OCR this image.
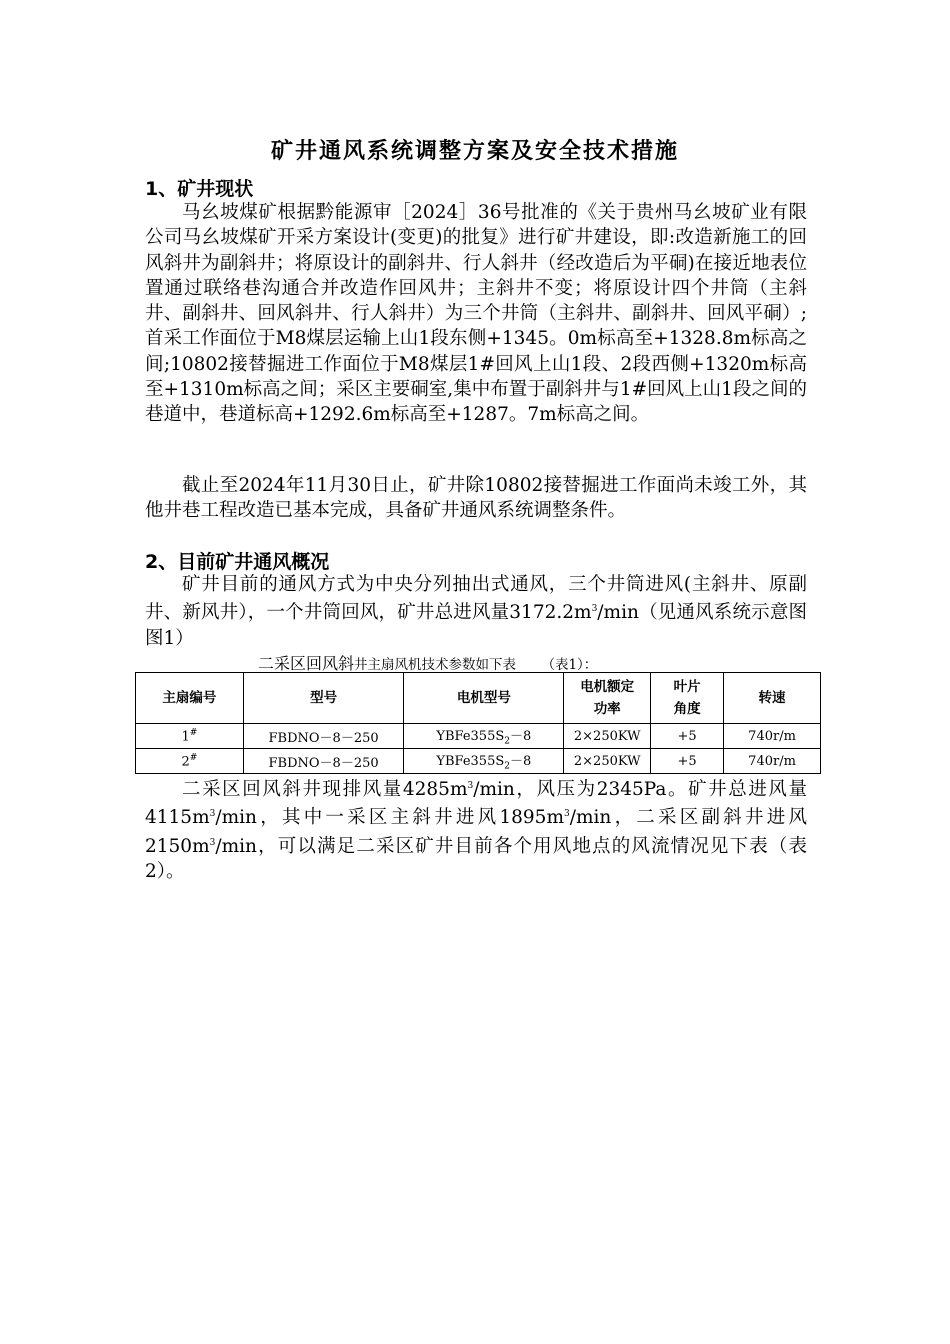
矿井通风系统调整方案及安全技术措施
1、矿井现状

马幺坡煤矿根据黔能源审［2024］36号批准的《关于贵州马幺坡矿业有限公司马幺坡煤矿开采方案设计(变更)的批复》进行矿井建设，即:改造新施工的回风斜井为副斜井；将原设计的副斜井、行人斜井（经改造后为平硐)在接近地表位置通过联络巷沟通合并改造作回风井；主斜井不变；将原设计四个井筒（主斜井、副斜井、回风斜井、行人斜井）为三个井筒（主斜井、副斜井、回风平硐）;首采工作面位于M8煤层运输上山1段东侧+1345。0m标高至+1328.8m标高之间;10802接替掘进工作面位于M8煤层1#回风上山1段、2段西侧+1320m标高至+1310m标高之间；采区主要硐室,集中布置于副斜井与1#回风上山1段之间的巷道中，巷道标高+1292.6m标高至+1287。7m标高之间。

截止至2024年11月30日止，矿井除10802接替掘进工作面尚未竣工外，其他井巷工程改造已基本完成，具备矿井通风系统调整条件。

2、目前矿井通风概况

矿井目前的通风方式为中央分列抽出式通风，三个井筒进风(主斜井、原副井、新风井），一个井筒回风，矿井总进风量$3172.2m^3/\min$（见通风系统示意图图1）

二采区回风斜井主扇风机技术参数如下表 （表1）：
主扇编号	型号	电机型号	电机额定功率	叶片角度	转速
1#	FBDNO－8－250	$YBFe355S_2-8$	2×250KW	+5	740r/m
2#	FBDNO－8－250	$YBFe355S_2-8$	2×250KW	+5	740r/m

二采区回风斜井现排风量$4285m^3/\min$，风压为2345Pa。矿井总进风量$4115m^3/\min$，其中一采区主斜井进风$1895m^3/\min$，二采区副斜井进风$2150m^3/\min$，可以满足二采区矿井目前各个用风地点的风流情况见下表（表2）。
